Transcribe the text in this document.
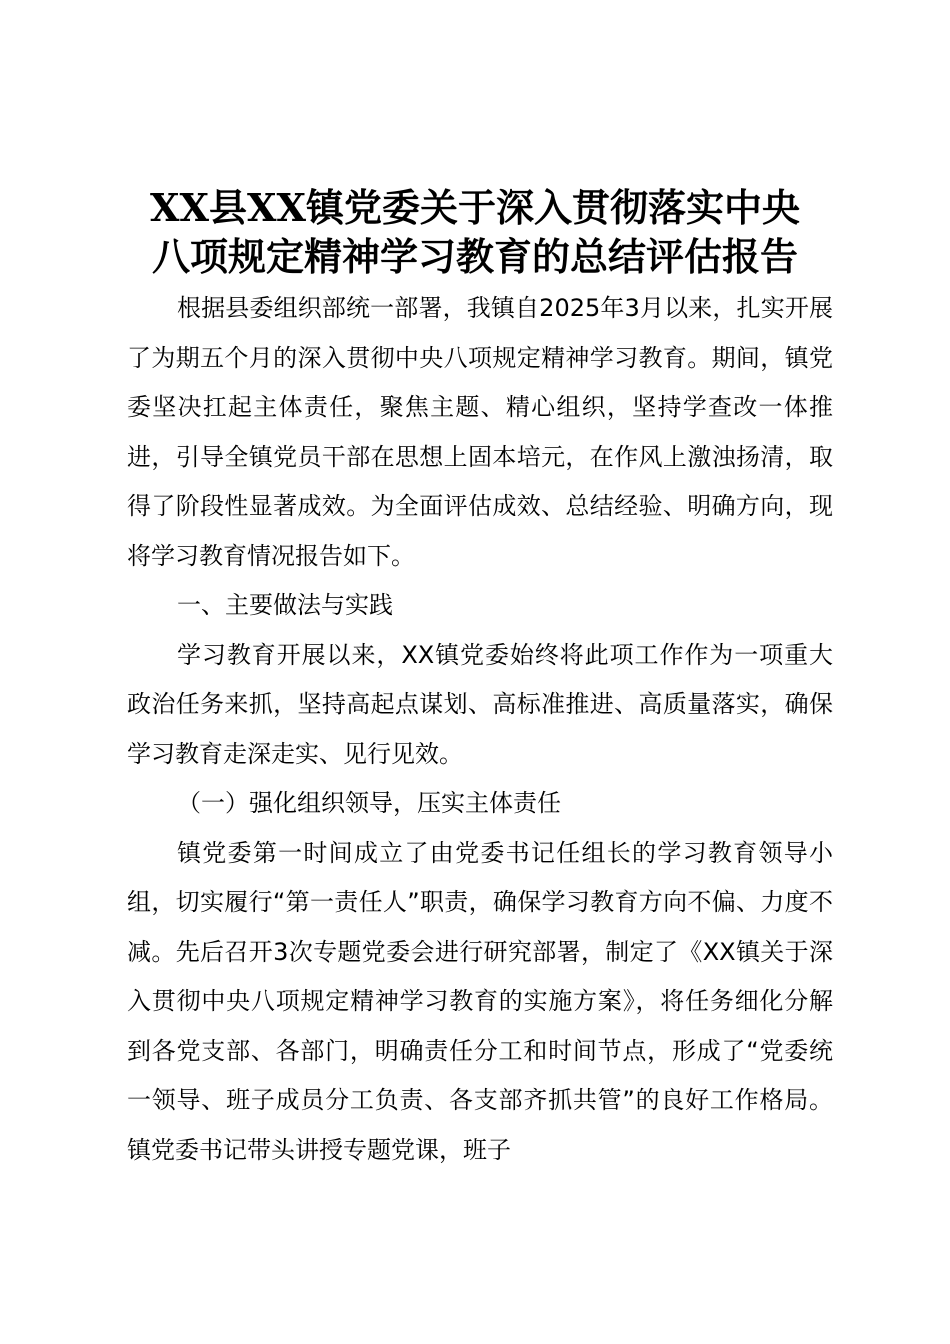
XX县XX镇党委关于深入贯彻落实中央
八项规定精神学习教育的总结评估报告

根据县委组织部统一部署，我镇自2025年3月以来，扎实开展了为期五个月的深入贯彻中央八项规定精神学习教育。期间，镇党委坚决扛起主体责任，聚焦主题、精心组织，坚持学查改一体推进，引导全镇党员干部在思想上固本培元，在作风上激浊扬清，取得了阶段性显著成效。为全面评估成效、总结经验、明确方向，现将学习教育情况报告如下。

一、主要做法与实践

学习教育开展以来，XX镇党委始终将此项工作作为一项重大政治任务来抓，坚持高起点谋划、高标准推进、高质量落实，确保学习教育走深走实、见行见效。

（一）强化组织领导，压实主体责任

镇党委第一时间成立了由党委书记任组长的学习教育领导小组，切实履行“第一责任人”职责，确保学习教育方向不偏、力度不减。先后召开3次专题党委会进行研究部署，制定了《XX镇关于深入贯彻中央八项规定精神学习教育的实施方案》，将任务细化分解到各党支部、各部门，明确责任分工和时间节点，形成了“党委统一领导、班子成员分工负责、各支部齐抓共管”的良好工作格局。镇党委书记带头讲授专题党课，班子
